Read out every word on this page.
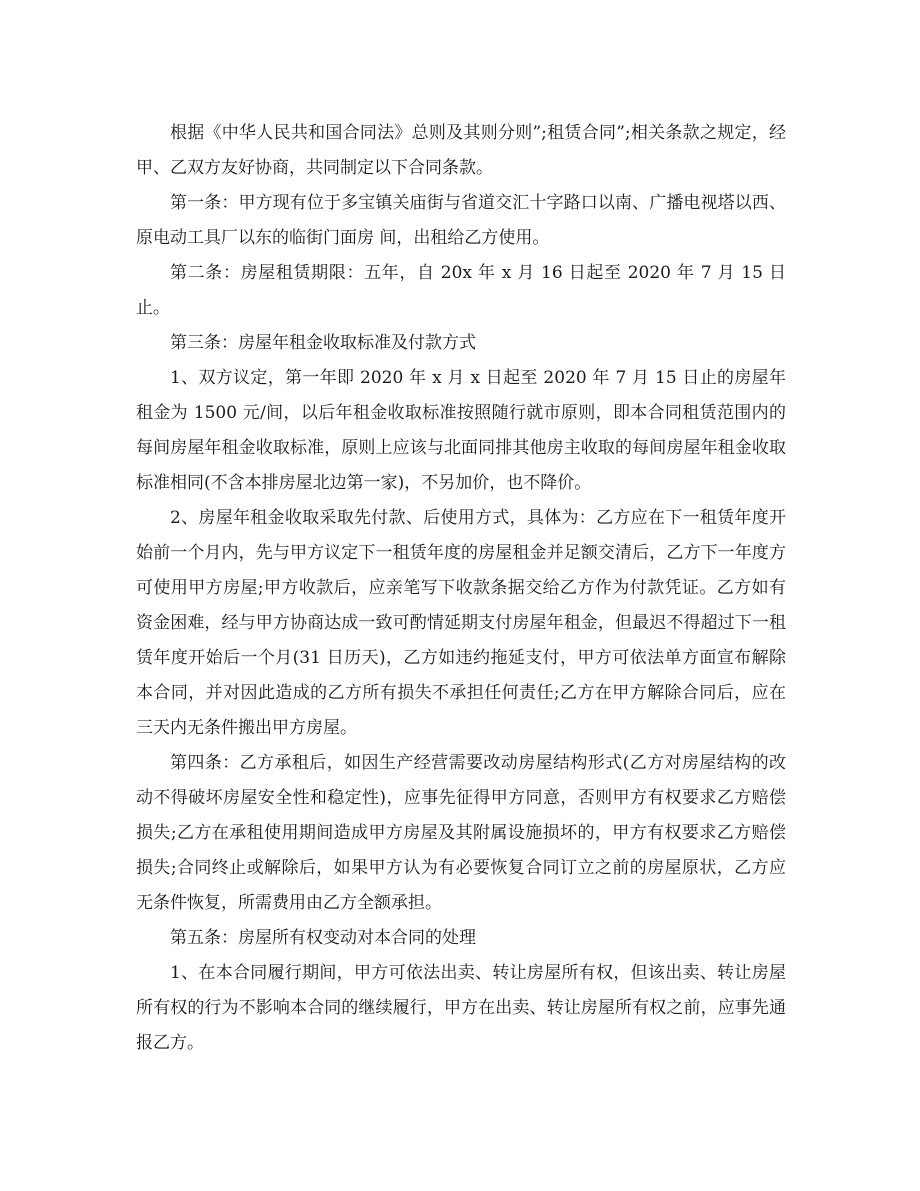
根据《中华人民共和国合同法》总则及其则分则”;租赁合同”;相关条款之规定，经甲、乙双方友好协商，共同制定以下合同条款。

第一条：甲方现有位于多宝镇关庙街与省道交汇十字路口以南、广播电视塔以西、原电动工具厂以东的临街门面房 间，出租给乙方使用。

第二条：房屋租赁期限：五年，自 20x 年 x 月 16 日起至 2020 年 7 月 15 日止。

第三条：房屋年租金收取标准及付款方式

1、双方议定，第一年即 2020 年 x 月 x 日起至 2020 年 7 月 15 日止的房屋年租金为 1500 元/间，以后年租金收取标准按照随行就市原则，即本合同租赁范围内的每间房屋年租金收取标准，原则上应该与北面同排其他房主收取的每间房屋年租金收取标准相同(不含本排房屋北边第一家)，不另加价，也不降价。

2、房屋年租金收取采取先付款、后使用方式，具体为：乙方应在下一租赁年度开始前一个月内，先与甲方议定下一租赁年度的房屋租金并足额交清后，乙方下一年度方可使用甲方房屋;甲方收款后，应亲笔写下收款条据交给乙方作为付款凭证。乙方如有资金困难，经与甲方协商达成一致可酌情延期支付房屋年租金，但最迟不得超过下一租赁年度开始后一个月(31 日历天)，乙方如违约拖延支付，甲方可依法单方面宣布解除本合同，并对因此造成的乙方所有损失不承担任何责任;乙方在甲方解除合同后，应在三天内无条件搬出甲方房屋。

第四条：乙方承租后，如因生产经营需要改动房屋结构形式(乙方对房屋结构的改动不得破坏房屋安全性和稳定性)，应事先征得甲方同意，否则甲方有权要求乙方赔偿损失;乙方在承租使用期间造成甲方房屋及其附属设施损坏的，甲方有权要求乙方赔偿损失;合同终止或解除后，如果甲方认为有必要恢复合同订立之前的房屋原状，乙方应无条件恢复，所需费用由乙方全额承担。

第五条：房屋所有权变动对本合同的处理

1、在本合同履行期间，甲方可依法出卖、转让房屋所有权，但该出卖、转让房屋所有权的行为不影响本合同的继续履行，甲方在出卖、转让房屋所有权之前，应事先通报乙方。
